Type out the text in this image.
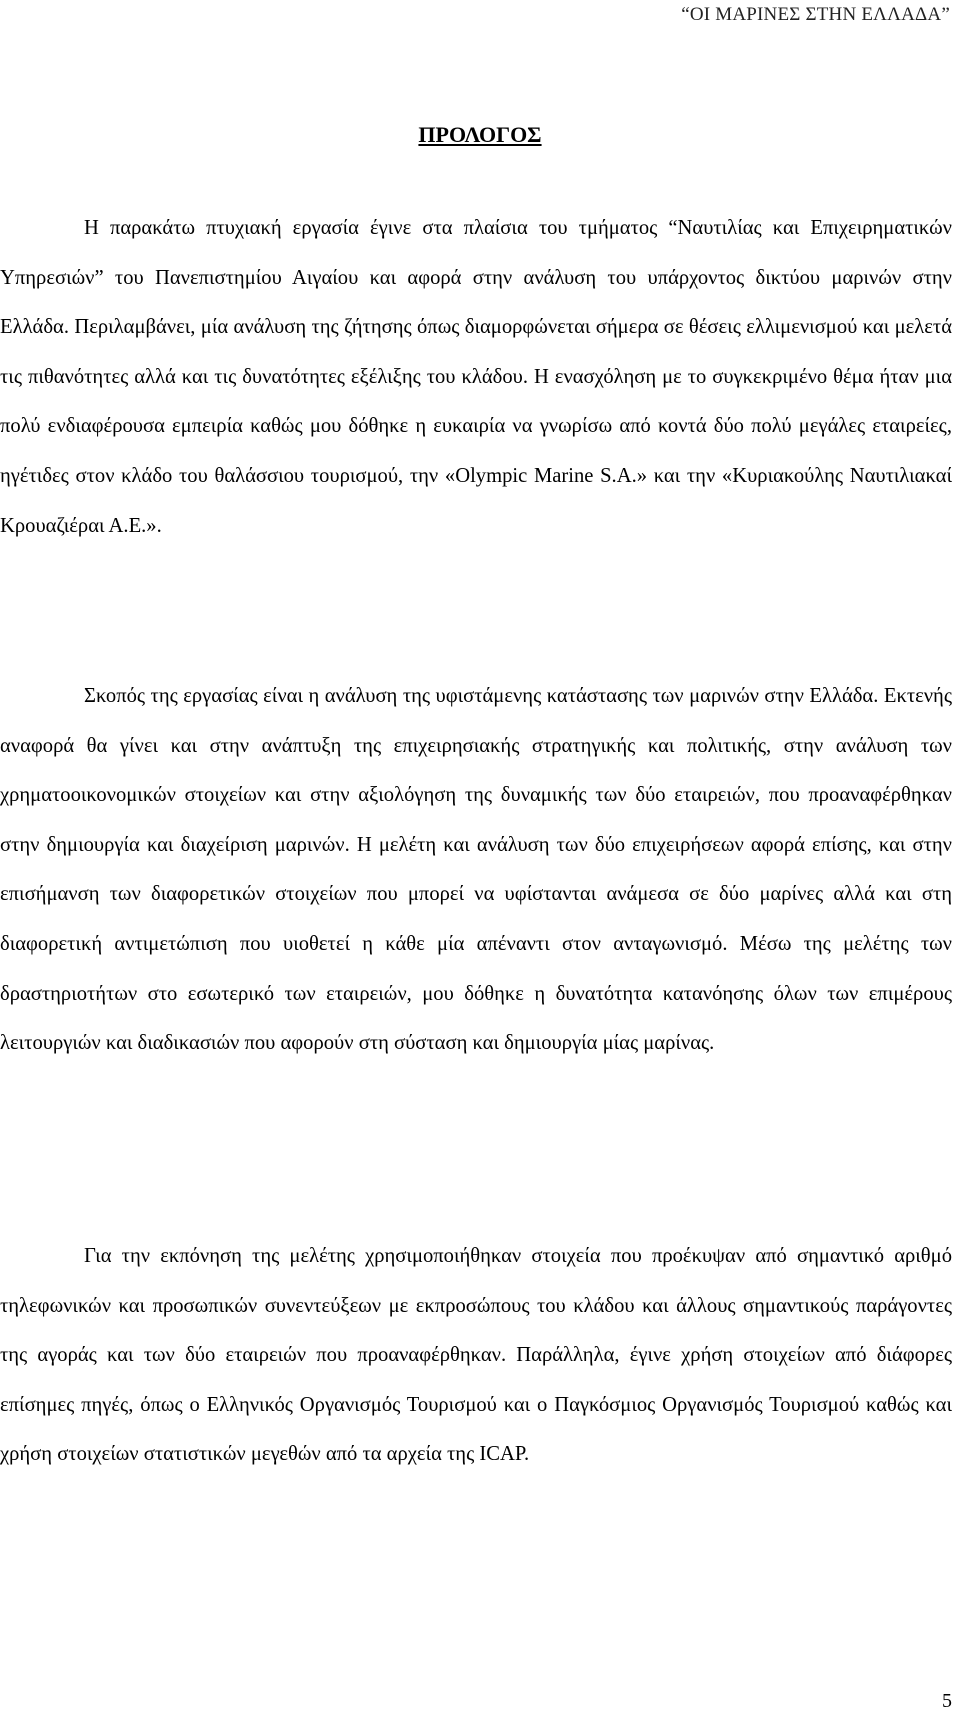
“ΟΙ ΜΑΡΙΝΕΣ ΣΤΗΝ ΕΛΛΑΔΑ”
ΠΡΟΛΟΓΟΣ

Η παρακάτω πτυχιακή εργασία έγινε στα πλαίσια του τμήματος “Ναυτιλίας και Επιχειρηματικών Υπηρεσιών” του Πανεπιστημίου Αιγαίου και αφορά στην ανάλυση του υπάρχοντος δικτύου μαρινών στην Ελλάδα. Περιλαμβάνει, μία ανάλυση της ζήτησης όπως διαμορφώνεται σήμερα σε θέσεις ελλιμενισμού και μελετά τις πιθανότητες αλλά και τις δυνατότητες εξέλιξης του κλάδου. Η ενασχόληση με το συγκεκριμένο θέμα ήταν μια πολύ ενδιαφέρουσα εμπειρία καθώς μου δόθηκε η ευκαιρία να γνωρίσω από κοντά δύο πολύ μεγάλες εταιρείες, ηγέτιδες στον κλάδο του θαλάσσιου τουρισμού, την «Olympic Marine S.A.» και την «Κυριακούλης Ναυτιλιακαί Κρουαζιέραι Α.Ε.».

Σκοπός της εργασίας είναι η ανάλυση της υφιστάμενης κατάστασης των μαρινών στην Ελλάδα. Εκτενής αναφορά θα γίνει και στην ανάπτυξη της επιχειρησιακής στρατηγικής και πολιτικής, στην ανάλυση των χρηματοοικονομικών στοιχείων και στην αξιολόγηση της δυναμικής των δύο εταιρειών, που προαναφέρθηκαν στην δημιουργία και διαχείριση μαρινών. Η μελέτη και ανάλυση των δύο επιχειρήσεων αφορά επίσης, και στην επισήμανση των διαφορετικών στοιχείων που μπορεί να υφίστανται ανάμεσα σε δύο μαρίνες αλλά και στη διαφορετική αντιμετώπιση που υιοθετεί η κάθε μία απέναντι στον ανταγωνισμό. Μέσω της μελέτης των δραστηριοτήτων στο εσωτερικό των εταιρειών, μου δόθηκε η δυνατότητα κατανόησης όλων των επιμέρους λειτουργιών και διαδικασιών που αφορούν στη σύσταση και δημιουργία μίας μαρίνας.

Για την εκπόνηση της μελέτης χρησιμοποιήθηκαν στοιχεία που προέκυψαν από σημαντικό αριθμό τηλεφωνικών και προσωπικών συνεντεύξεων με εκπροσώπους του κλάδου και άλλους σημαντικούς παράγοντες της αγοράς και των δύο εταιρειών που προαναφέρθηκαν. Παράλληλα, έγινε χρήση στοιχείων από διάφορες επίσημες πηγές, όπως ο Ελληνικός Οργανισμός Τουρισμού και ο Παγκόσμιος Οργανισμός Τουρισμού καθώς και χρήση στοιχείων στατιστικών μεγεθών από τα αρχεία της ICAP.

5
